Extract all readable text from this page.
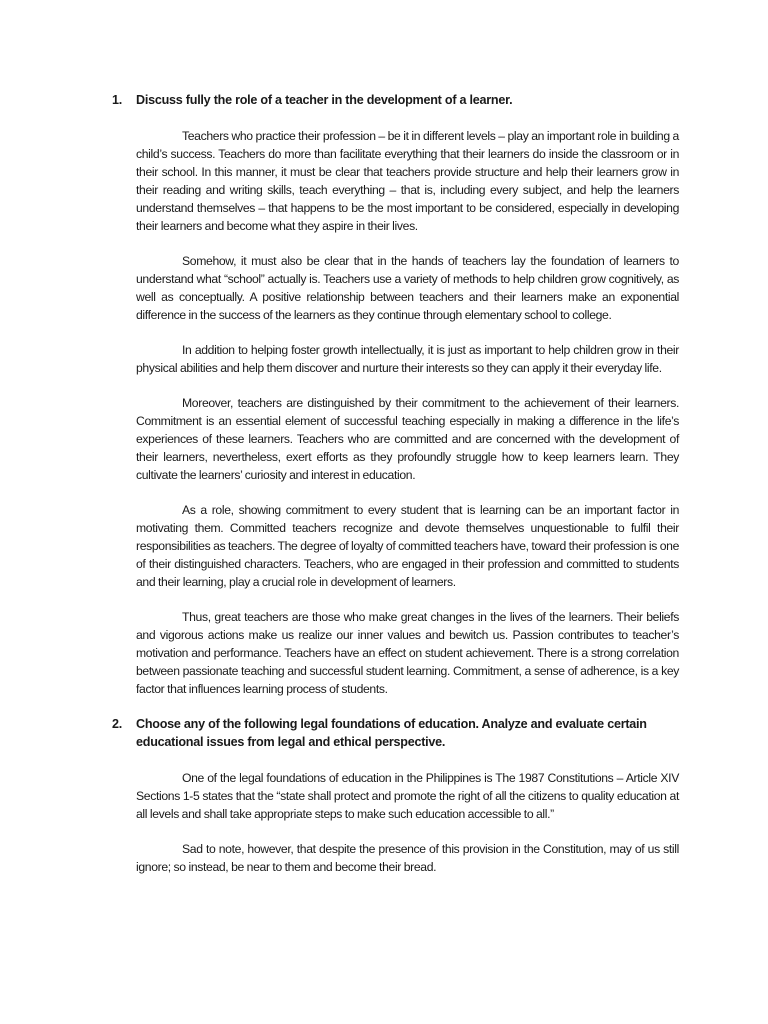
1.	Discuss fully the role of a teacher in the development of a learner.

Teachers who practice their profession – be it in different levels – play an important role in building a child’s success. Teachers do more than facilitate everything that their learners do inside the classroom or in their school. In this manner, it must be clear that teachers provide structure and help their learners grow in their reading and writing skills, teach everything – that is, including every subject, and help the learners understand themselves – that happens to be the most important to be considered, especially in developing their learners and become what they aspire in their lives.

Somehow, it must also be clear that in the hands of teachers lay the foundation of learners to understand what “school” actually is. Teachers use a variety of methods to help children grow cognitively, as well as conceptually. A positive relationship between teachers and their learners make an exponential difference in the success of the learners as they continue through elementary school to college.

In addition to helping foster growth intellectually, it is just as important to help children grow in their physical abilities and help them discover and nurture their interests so they can apply it their everyday life.

Moreover, teachers are distinguished by their commitment to the achievement of their learners. Commitment is an essential element of successful teaching especially in making a difference in the life’s experiences of these learners. Teachers who are committed and are concerned with the development of their learners, nevertheless, exert efforts as they profoundly struggle how to keep learners learn. They cultivate the learners’ curiosity and interest in education.

As a role, showing commitment to every student that is learning can be an important factor in motivating them. Committed teachers recognize and devote themselves unquestionable to fulfil their responsibilities as teachers. The degree of loyalty of committed teachers have, toward their profession is one of their distinguished characters. Teachers, who are engaged in their profession and committed to students and their learning, play a crucial role in development of learners.

Thus, great teachers are those who make great changes in the lives of the learners. Their beliefs and vigorous actions make us realize our inner values and bewitch us. Passion contributes to teacher’s motivation and performance. Teachers have an effect on student achievement. There is a strong correlation between passionate teaching and successful student learning. Commitment, a sense of adherence, is a key factor that influences learning process of students.

2.	Choose any of the following legal foundations of education. Analyze and evaluate certain educational issues from legal and ethical perspective.

One of the legal foundations of education in the Philippines is The 1987 Constitutions – Article XIV Sections 1-5 states that the “state shall protect and promote the right of all the citizens to quality education at all levels and shall take appropriate steps to make such education accessible to all.”

Sad to note, however, that despite the presence of this provision in the Constitution, may of us still ignore; so instead, be near to them and become their bread.
